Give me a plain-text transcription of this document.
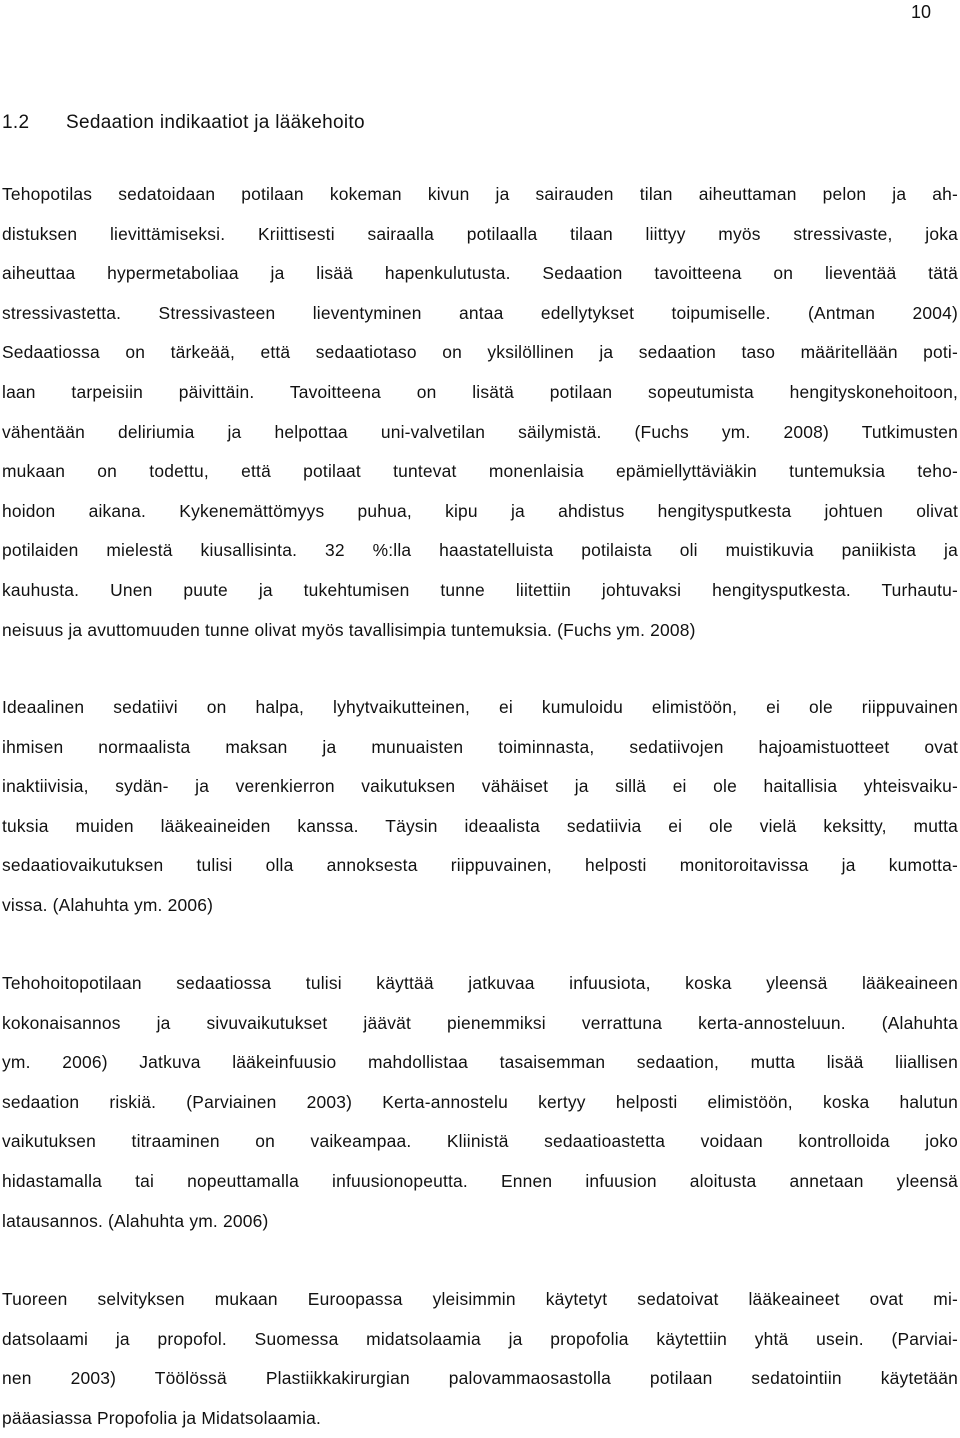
10
1.2 Sedaation indikaatiot ja lääkehoito
Tehopotilas sedatoidaan potilaan kokeman kivun ja sairauden tilan aiheuttaman pelon ja ah-
distuksen lievittämiseksi. Kriittisesti sairaalla potilaalla tilaan liittyy myös stressivaste, joka
aiheuttaa hypermetaboliaa ja lisää hapenkulutusta. Sedaation tavoitteena on lieventää tätä
stressivastetta. Stressivasteen lieventyminen antaa edellytykset toipumiselle. (Antman 2004)
Sedaatiossa on tärkeää, että sedaatiotaso on yksilöllinen ja sedaation taso määritellään poti-
laan tarpeisiin päivittäin. Tavoitteena on lisätä potilaan sopeutumista hengityskonehoitoon,
vähentään deliriumia ja helpottaa uni-valvetilan säilymistä. (Fuchs ym. 2008) Tutkimusten
mukaan on todettu, että potilaat tuntevat monenlaisia epämiellyttäviäkin tuntemuksia teho-
hoidon aikana. Kykenemättömyys puhua, kipu ja ahdistus hengitysputkesta johtuen olivat
potilaiden mielestä kiusallisinta. 32 %:lla haastatelluista potilaista oli muistikuvia paniikista ja
kauhusta. Unen puute ja tukehtumisen tunne liitettiin johtuvaksi hengitysputkesta. Turhautu-
neisuus ja avuttomuuden tunne olivat myös tavallisimpia tuntemuksia. (Fuchs ym. 2008)
Ideaalinen sedatiivi on halpa, lyhytvaikutteinen, ei kumuloidu elimistöön, ei ole riippuvainen
ihmisen normaalista maksan ja munuaisten toiminnasta, sedatiivojen hajoamistuotteet ovat
inaktiivisia, sydän- ja verenkierron vaikutuksen vähäiset ja sillä ei ole haitallisia yhteisvaiku-
tuksia muiden lääkeaineiden kanssa. Täysin ideaalista sedatiivia ei ole vielä keksitty, mutta
sedaatiovaikutuksen tulisi olla annoksesta riippuvainen, helposti monitoroitavissa ja kumotta-
vissa. (Alahuhta ym. 2006)
Tehohoitopotilaan sedaatiossa tulisi käyttää jatkuvaa infuusiota, koska yleensä lääkeaineen
kokonaisannos ja sivuvaikutukset jäävät pienemmiksi verrattuna kerta-annosteluun. (Alahuhta
ym. 2006) Jatkuva lääkeinfuusio mahdollistaa tasaisemman sedaation, mutta lisää liiallisen
sedaation riskiä. (Parviainen 2003) Kerta-annostelu kertyy helposti elimistöön, koska halutun
vaikutuksen titraaminen on vaikeampaa. Kliinistä sedaatioastetta voidaan kontrolloida joko
hidastamalla tai nopeuttamalla infuusionopeutta. Ennen infuusion aloitusta annetaan yleensä
latausannos. (Alahuhta ym. 2006)
Tuoreen selvityksen mukaan Euroopassa yleisimmin käytetyt sedatoivat lääkeaineet ovat mi-
datsolaami ja propofol. Suomessa midatsolaamia ja propofolia käytettiin yhtä usein. (Parviai-
nen 2003) Töölössä Plastiikkakirurgian palovammaosastolla potilaan sedatointiin käytetään
pääasiassa Propofolia ja Midatsolaamia.
